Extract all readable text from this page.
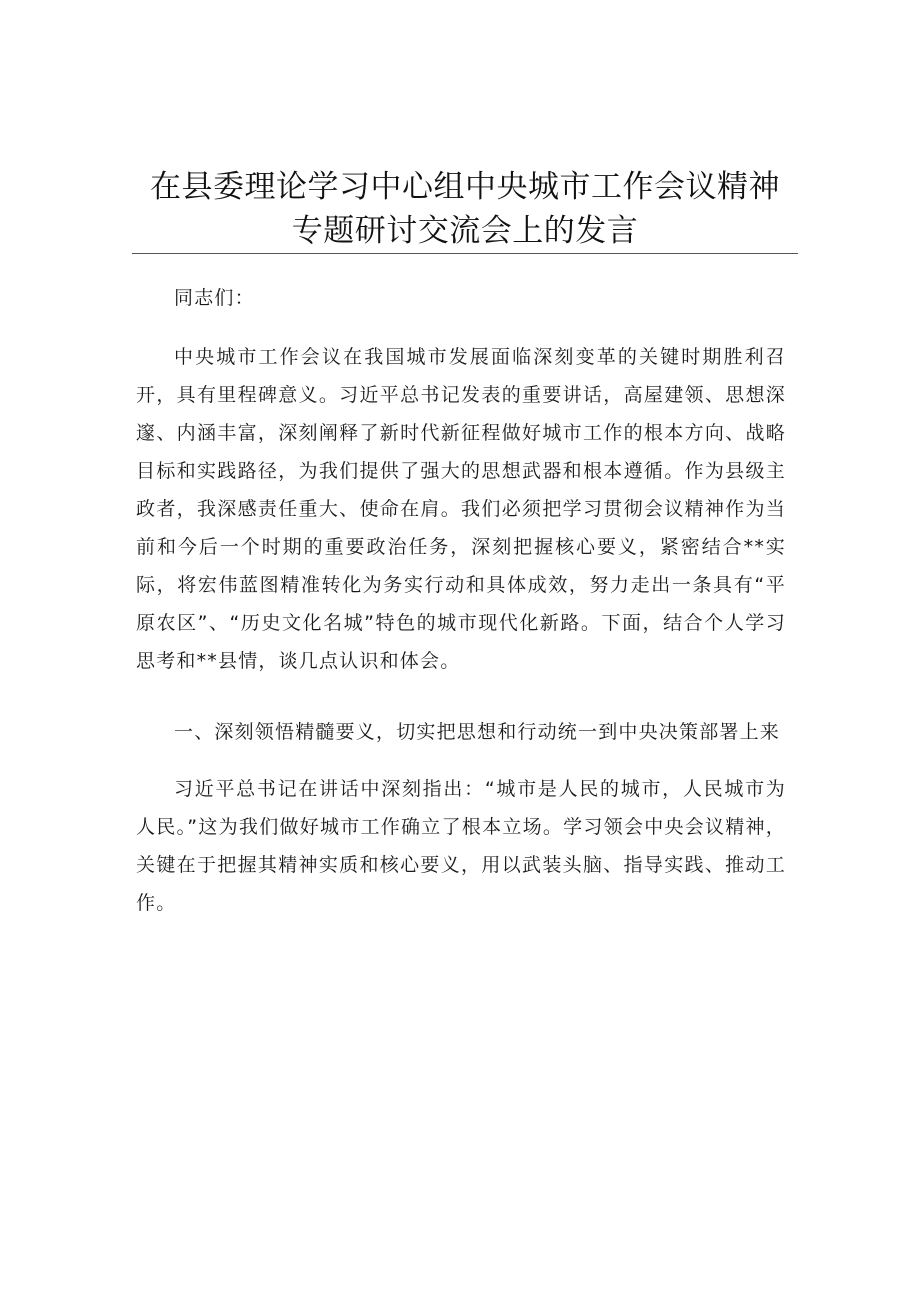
在县委理论学习中心组中央城市工作会议精神
专题研讨交流会上的发言

同志们：

中央城市工作会议在我国城市发展面临深刻变革的关键时期胜利召开，具有里程碑意义。习近平总书记发表的重要讲话，高屋建领、思想深邃、内涵丰富，深刻阐释了新时代新征程做好城市工作的根本方向、战略目标和实践路径，为我们提供了强大的思想武器和根本遵循。作为县级主政者，我深感责任重大、使命在肩。我们必须把学习贯彻会议精神作为当前和今后一个时期的重要政治任务，深刻把握核心要义，紧密结合**实际，将宏伟蓝图精准转化为务实行动和具体成效，努力走出一条具有“平原农区”、“历史文化名城”特色的城市现代化新路。下面，结合个人学习思考和**县情，谈几点认识和体会。

一、深刻领悟精髓要义，切实把思想和行动统一到中央决策部署上来

习近平总书记在讲话中深刻指出：“城市是人民的城市，人民城市为人民。”这为我们做好城市工作确立了根本立场。学习领会中央会议精神，关键在于把握其精神实质和核心要义，用以武装头脑、指导实践、推动工作。
